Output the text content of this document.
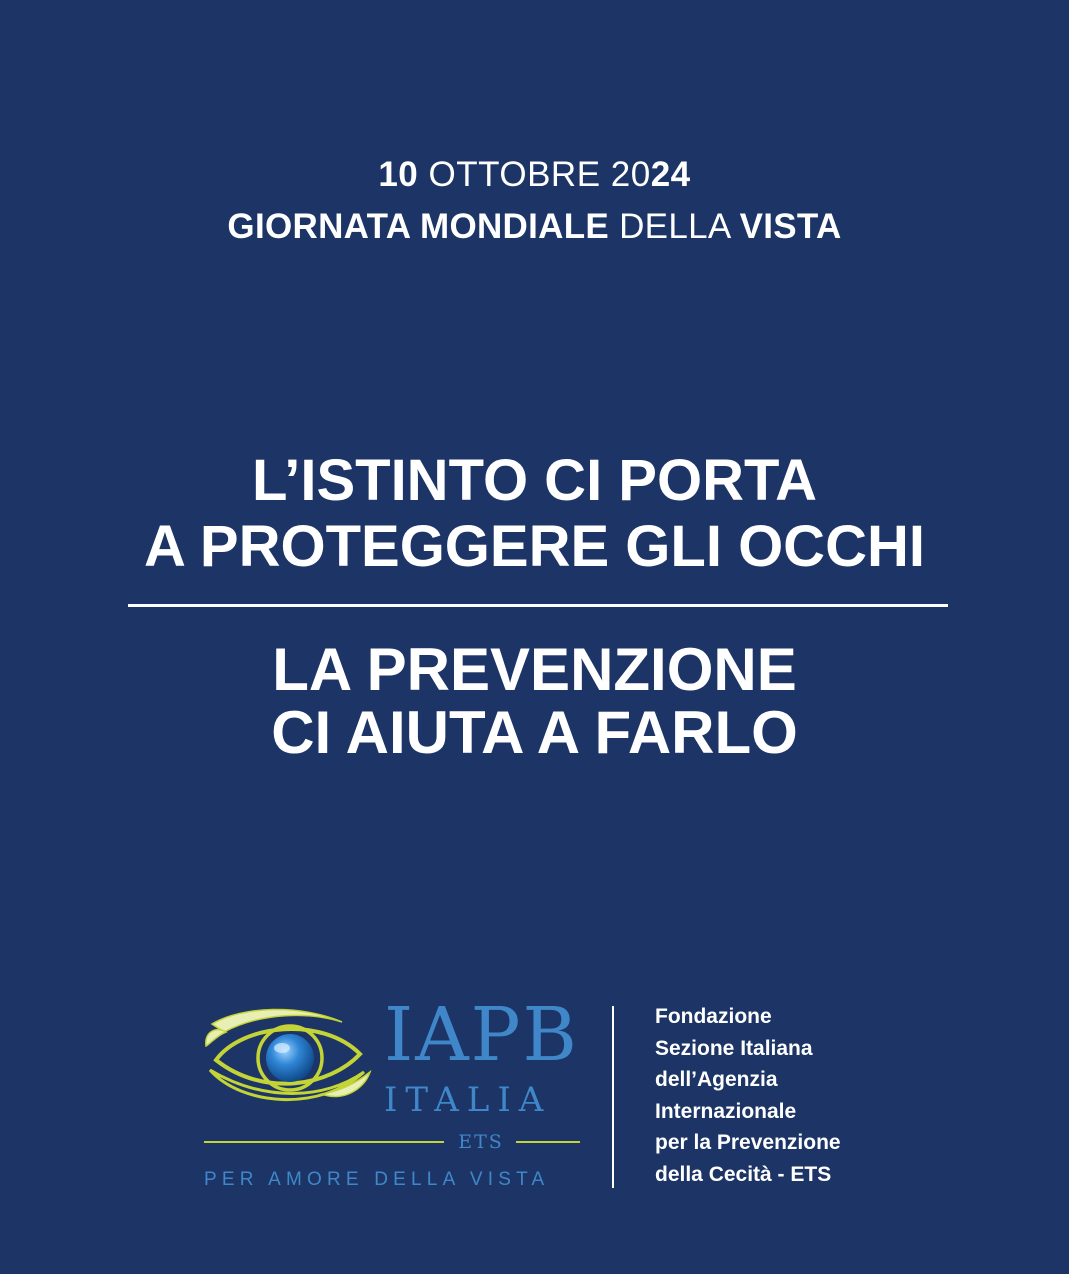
10 OTTOBRE 2024
GIORNATA MONDIALE DELLA VISTA
L’ISTINTO CI PORTA
A PROTEGGERE GLI OCCHI
LA PREVENZIONE
CI AIUTA A FARLO
IAPB
ITALIA
ETS
PER AMORE DELLA VISTA
Fondazione
Sezione Italiana
dell’Agenzia
Internazionale
per la Prevenzione
della Cecità - ETS
